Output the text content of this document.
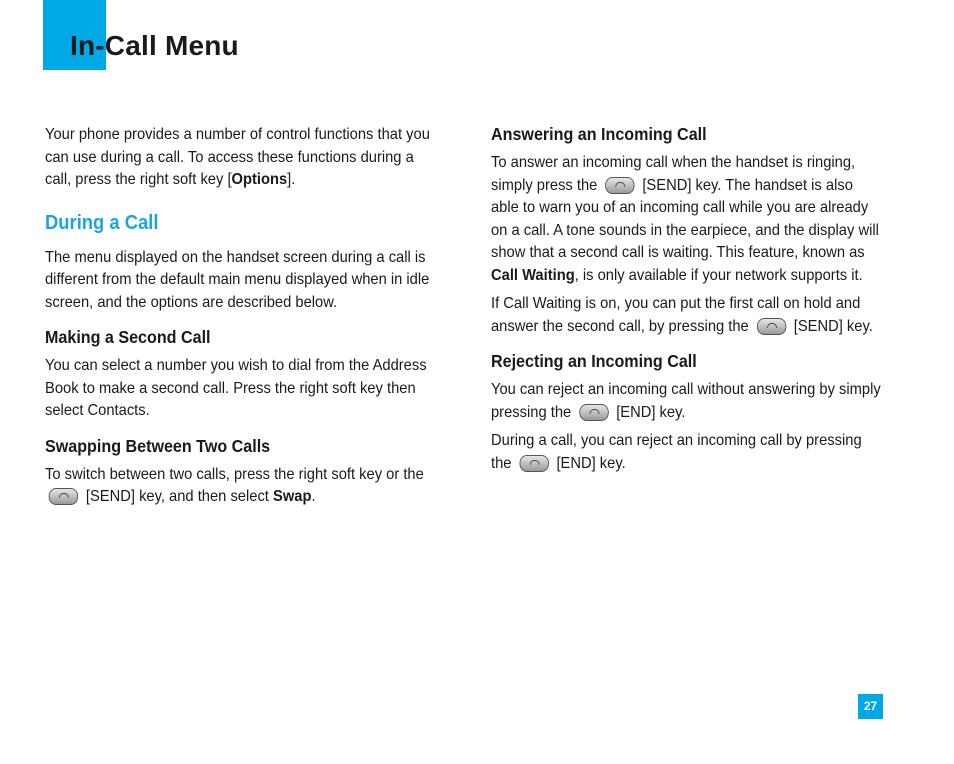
In-Call Menu

Your phone provides a number of control functions that you can use during a call. To access these functions during a call, press the right soft key [Options].

During a Call

The menu displayed on the handset screen during a call is different from the default main menu displayed when in idle screen, and the options are described below.

Making a Second Call

You can select a number you wish to dial from the Address Book to make a second call. Press the right soft key then select Contacts.

Swapping Between Two Calls

To switch between two calls, press the right soft key or the  [SEND] key, and then select Swap.

Answering an Incoming Call

To answer an incoming call when the handset is ringing, simply press the	[SEND] key. The handset is also able to warn you of an incoming call while you are already on a call. A tone sounds in the earpiece, and the display will show that a second call is waiting. This feature, known as Call Waiting, is only available if your network supports it.

If Call Waiting is on, you can put the first call on hold and answer the second call, by pressing the	[SEND] key.

Rejecting an Incoming Call

You can reject an incoming call without answering by simply pressing the	[END] key.

During a call, you can reject an incoming call by pressing the	[END] key.

27
